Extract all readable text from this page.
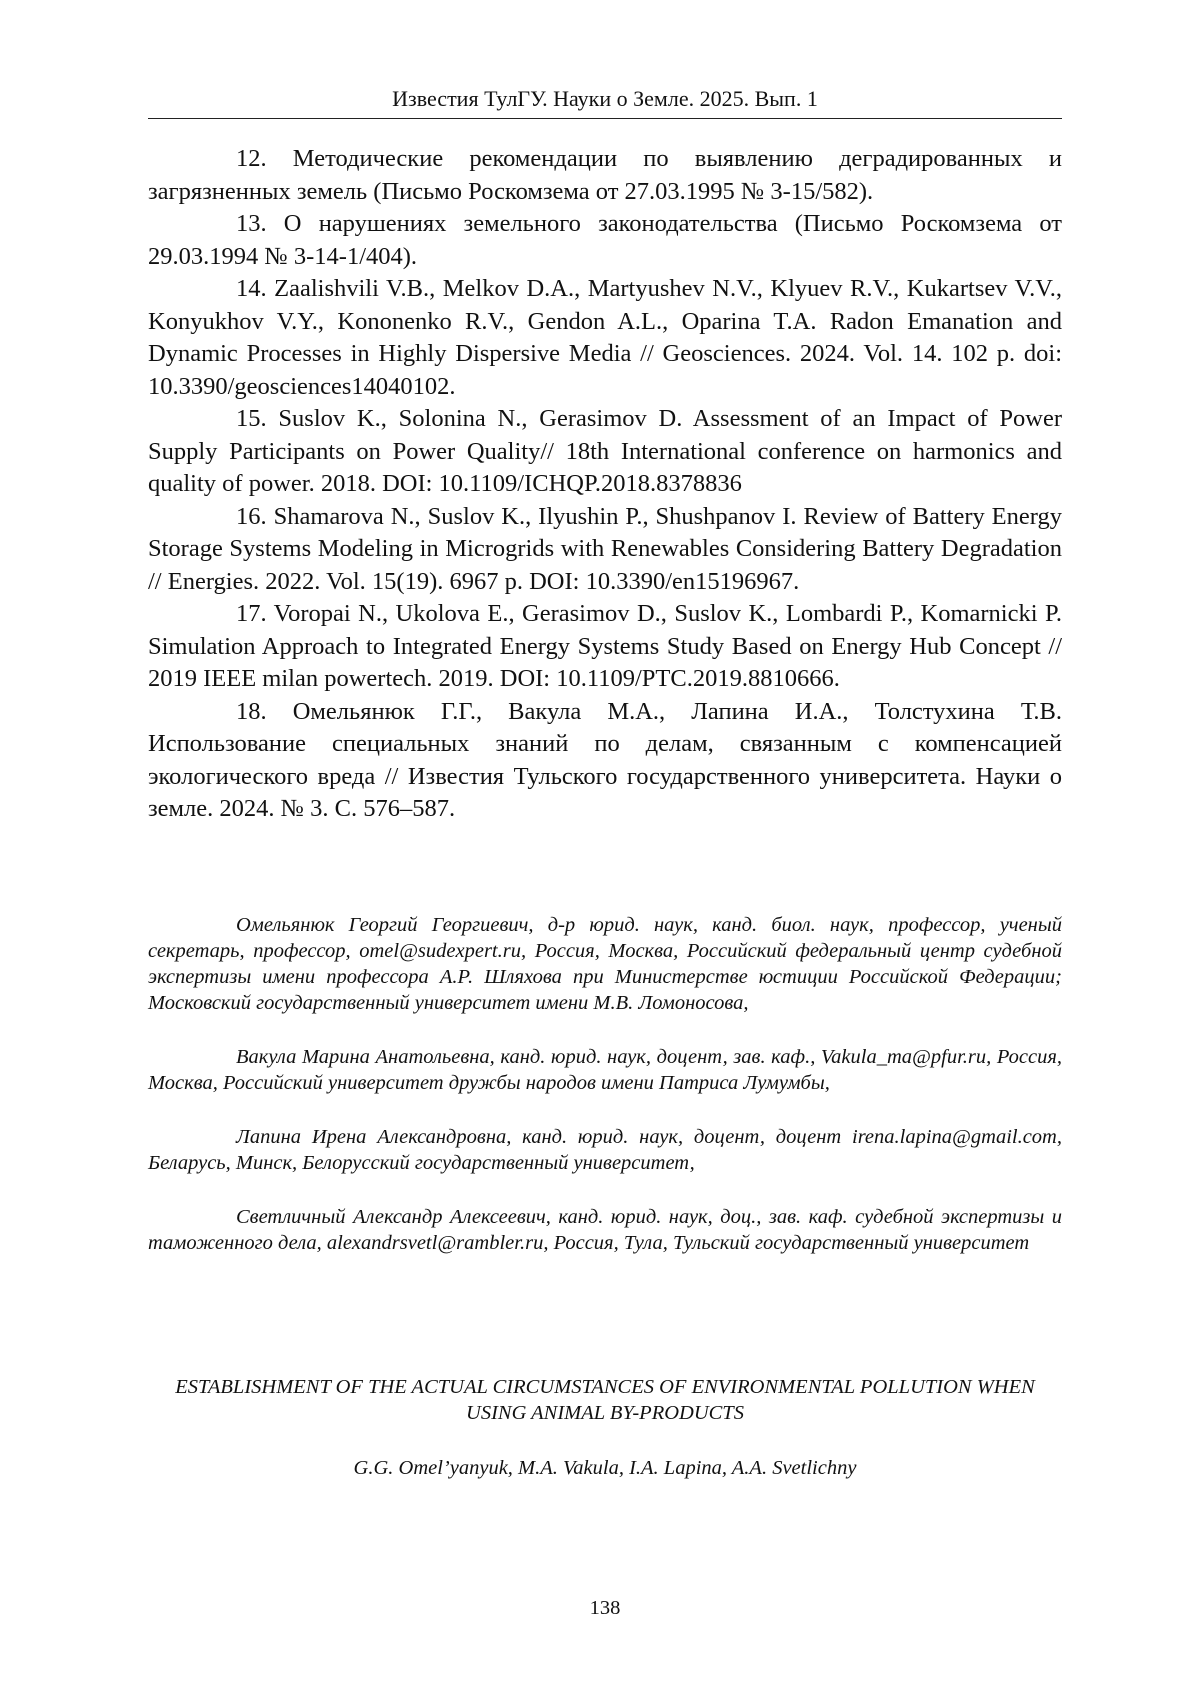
Известия ТулГУ. Науки о Земле. 2025. Вып. 1

12. Методические рекомендации по выявлению деградированных и загрязненных земель (Письмо Роскомзема от 27.03.1995 № 3-15/582).

13. О нарушениях земельного законодательства (Письмо Роскомзема от 29.03.1994 № 3-14-1/404).

14. Zaalishvili V.B., Melkov D.A., Martyushev N.V., Klyuev R.V., Kukartsev V.V., Konyukhov V.Y., Kononenko R.V., Gendon A.L., Oparina T.A. Radon Emanation and Dynamic Processes in Highly Dispersive Media // Geosciences. 2024. Vol. 14. 102 p. doi: 10.3390/geosciences14040102.

15. Suslov K., Solonina N., Gerasimov D. Assessment of an Impact of Power Supply Participants on Power Quality// 18th International conference on harmonics and quality of power. 2018. DOI: 10.1109/ICHQP.2018.8378836

16. Shamarova N., Suslov K., Ilyushin P., Shushpanov I. Review of Battery Energy Storage Systems Modeling in Microgrids with Renewables Considering Battery Degradation // Energies. 2022. Vol. 15(19). 6967 p. DOI: 10.3390/en15196967.

17. Voropai N., Ukolova E., Gerasimov D., Suslov K., Lombardi P., Komarnicki P. Simulation Approach to Integrated Energy Systems Study Based on Energy Hub Concept // 2019 IEEE milan powertech. 2019. DOI: 10.1109/PTC.2019.8810666.

18. Омельянюк Г.Г., Вакула М.А., Лапина И.А., Толстухина Т.В. Использование специальных знаний по делам, связанным с компенсацией экологического вреда // Известия Тульского государственного университета. Науки о земле. 2024. № 3. С. 576–587.

Омельянюк Георгий Георгиевич, д-р юрид. наук, канд. биол. наук, профессор, ученый секретарь, профессор, omel@sudexpert.ru, Россия, Москва, Российский федеральный центр судебной экспертизы имени профессора А.Р. Шляхова при Министерстве юстиции Российской Федерации; Московский государственный университет имени М.В. Ломоносова,

Вакула Марина Анатольевна, канд. юрид. наук, доцент, зав. каф., Vakula_ma@pfur.ru, Россия, Москва, Российский университет дружбы народов имени Патриса Лумумбы,

Лапина Ирена Александровна, канд. юрид. наук, доцент, доцент irena.lapina@gmail.com, Беларусь, Минск, Белорусский государственный университет,

Светличный Александр Алексеевич, канд. юрид. наук, доц., зав. каф. судебной экспертизы и таможенного дела, alexandrsvetl@rambler.ru, Россия, Тула, Тульский государственный университет

ESTABLISHMENT OF THE ACTUAL CIRCUMSTANCES OF ENVIRONMENTAL POLLUTION WHEN USING ANIMAL BY-PRODUCTS
G.G. Omel’yanyuk, M.A. Vakula, I.A. Lapina, A.A. Svetlichny
138
